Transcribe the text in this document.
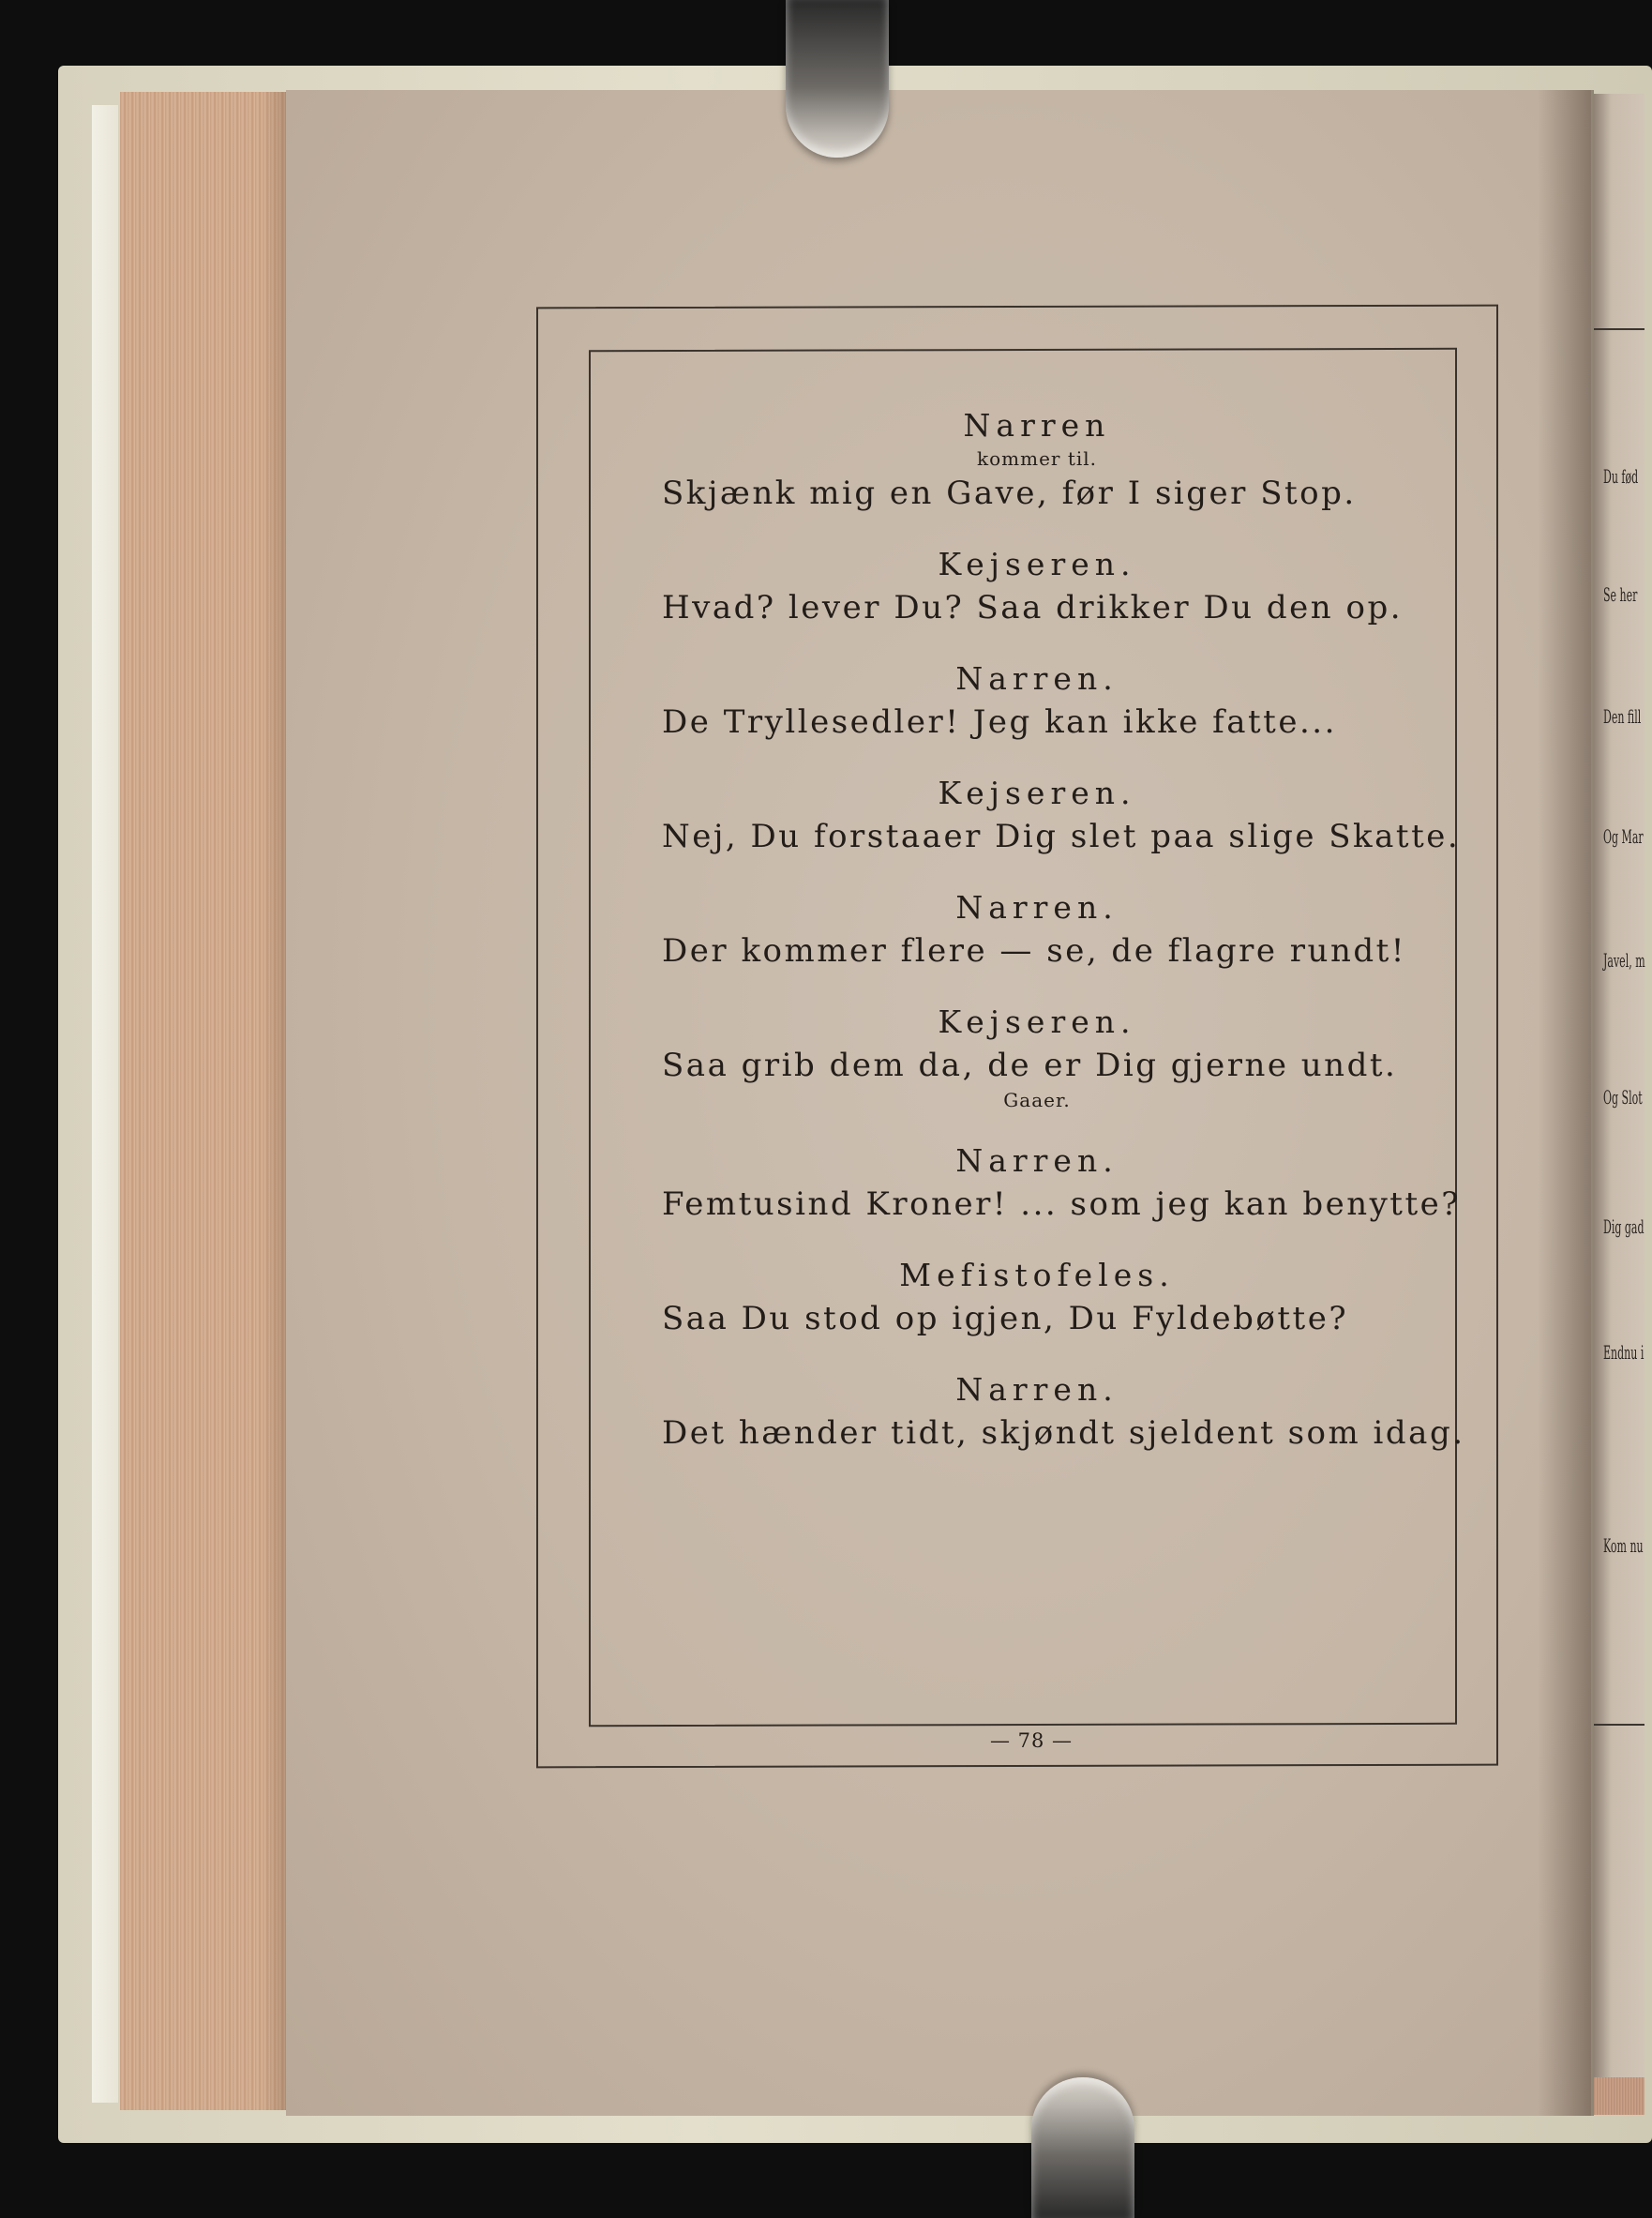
Du fød
Se her
Den fill
Og Mar
Javel, m
Og Slot
Dig gad
Endnu i
Kom nu
Narren
kommer til.
Skjænk mig en Gave, før I siger Stop.
Kejseren.
Hvad? lever Du? Saa drikker Du den op.
Narren.
De Tryllesedler! Jeg kan ikke fatte...
Kejseren.
Nej, Du forstaaer Dig slet paa slige Skatte.
Narren.
Der kommer flere — se, de flagre rundt!
Kejseren.
Saa grib dem da, de er Dig gjerne undt.
Gaaer.
Narren.
Femtusind Kroner! ... som jeg kan benytte?
Mefistofeles.
Saa Du stod op igjen, Du Fyldebøtte?
Narren.
Det hænder tidt, skjøndt sjeldent som idag.
— 78 —
